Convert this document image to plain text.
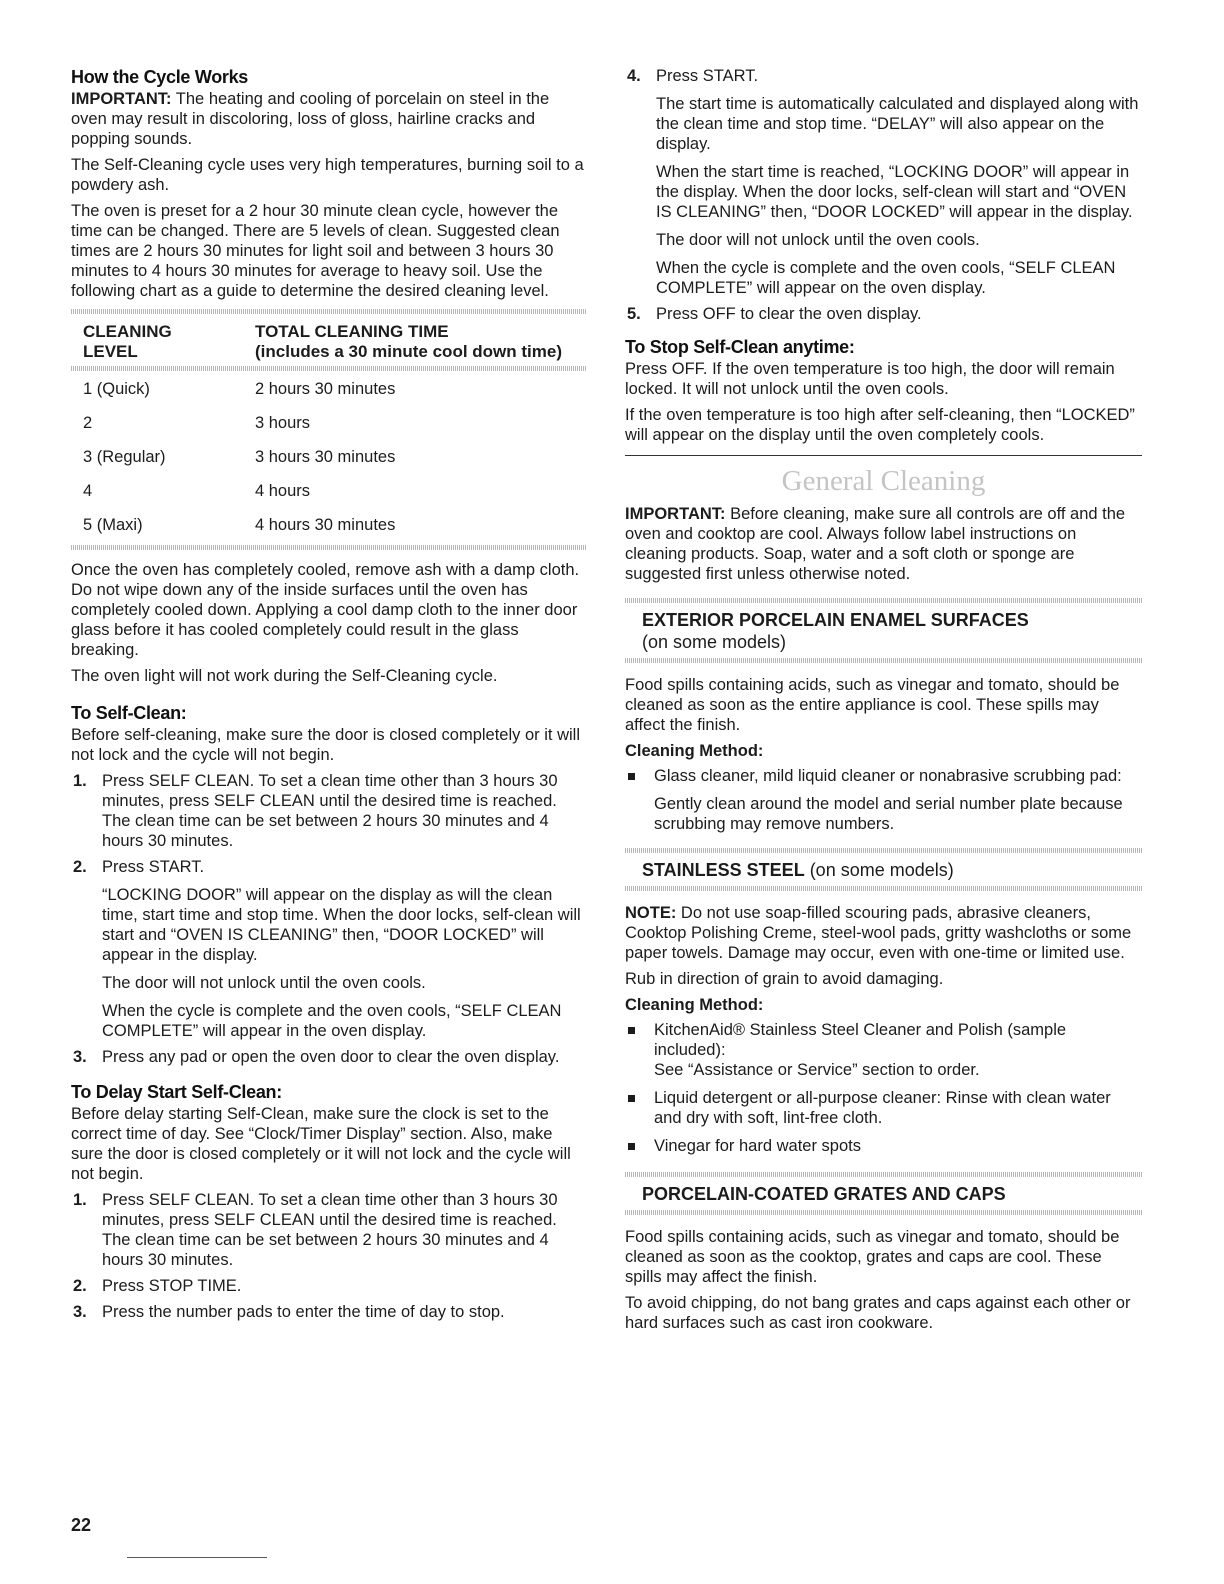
How the Cycle Works

IMPORTANT: The heating and cooling of porcelain on steel in the oven may result in discoloring, loss of gloss, hairline cracks and popping sounds.

The Self-Cleaning cycle uses very high temperatures, burning soil to a powdery ash.

The oven is preset for a 2 hour 30 minute clean cycle, however the time can be changed. There are 5 levels of clean. Suggested clean times are 2 hours 30 minutes for light soil and between 3 hours 30 minutes to 4 hours 30 minutes for average to heavy soil. Use the following chart as a guide to determine the desired cleaning level.

CLEANING
LEVEL	TOTAL CLEANING TIME
(includes a 30 minute cool down time)

1 (Quick)	2 hours 30 minutes
2	3 hours
3 (Regular)	3 hours 30 minutes
4	4 hours
5 (Maxi)	4 hours 30 minutes

Once the oven has completely cooled, remove ash with a damp cloth. Do not wipe down any of the inside surfaces until the oven has completely cooled down. Applying a cool damp cloth to the inner door glass before it has cooled completely could result in the glass breaking.

The oven light will not work during the Self-Cleaning cycle.

To Self-Clean:

Before self-cleaning, make sure the door is closed completely or it will not lock and the cycle will not begin.

1. Press SELF CLEAN. To set a clean time other than 3 hours 30 minutes, press SELF CLEAN until the desired time is reached. The clean time can be set between 2 hours 30 minutes and 4 hours 30 minutes.

2. Press START.

“LOCKING DOOR” will appear on the display as will the clean time, start time and stop time. When the door locks, self-clean will start and “OVEN IS CLEANING” then, “DOOR LOCKED” will appear in the display.

The door will not unlock until the oven cools.

When the cycle is complete and the oven cools, “SELF CLEAN COMPLETE” will appear in the oven display.

3. Press any pad or open the oven door to clear the oven display.

To Delay Start Self-Clean:

Before delay starting Self-Clean, make sure the clock is set to the correct time of day. See “Clock/Timer Display” section. Also, make sure the door is closed completely or it will not lock and the cycle will not begin.

1. Press SELF CLEAN. To set a clean time other than 3 hours 30 minutes, press SELF CLEAN until the desired time is reached. The clean time can be set between 2 hours 30 minutes and 4 hours 30 minutes.

2. Press STOP TIME.

3. Press the number pads to enter the time of day to stop.

4. Press START.

The start time is automatically calculated and displayed along with the clean time and stop time. “DELAY” will also appear on the display.

When the start time is reached, “LOCKING DOOR” will appear in the display. When the door locks, self-clean will start and “OVEN IS CLEANING” then, “DOOR LOCKED” will appear in the display.

The door will not unlock until the oven cools.

When the cycle is complete and the oven cools, “SELF CLEAN COMPLETE” will appear on the oven display.

5. Press OFF to clear the oven display.

To Stop Self-Clean anytime:

Press OFF. If the oven temperature is too high, the door will remain locked. It will not unlock until the oven cools.

If the oven temperature is too high after self-cleaning, then “LOCKED” will appear on the display until the oven completely cools.

General Cleaning

IMPORTANT: Before cleaning, make sure all controls are off and the oven and cooktop are cool. Always follow label instructions on cleaning products. Soap, water and a soft cloth or sponge are suggested first unless otherwise noted.

EXTERIOR PORCELAIN ENAMEL SURFACES
(on some models)

Food spills containing acids, such as vinegar and tomato, should be cleaned as soon as the entire appliance is cool. These spills may affect the finish.

Cleaning Method:

Glass cleaner, mild liquid cleaner or nonabrasive scrubbing pad:

Gently clean around the model and serial number plate because scrubbing may remove numbers.

STAINLESS STEEL (on some models)

NOTE: Do not use soap-filled scouring pads, abrasive cleaners, Cooktop Polishing Creme, steel-wool pads, gritty washcloths or some paper towels. Damage may occur, even with one-time or limited use.

Rub in direction of grain to avoid damaging.

Cleaning Method:

KitchenAid® Stainless Steel Cleaner and Polish (sample included):
See “Assistance or Service” section to order.

Liquid detergent or all-purpose cleaner: Rinse with clean water and dry with soft, lint-free cloth.

Vinegar for hard water spots

PORCELAIN-COATED GRATES AND CAPS

Food spills containing acids, such as vinegar and tomato, should be cleaned as soon as the cooktop, grates and caps are cool. These spills may affect the finish.

To avoid chipping, do not bang grates and caps against each other or hard surfaces such as cast iron cookware.

22
